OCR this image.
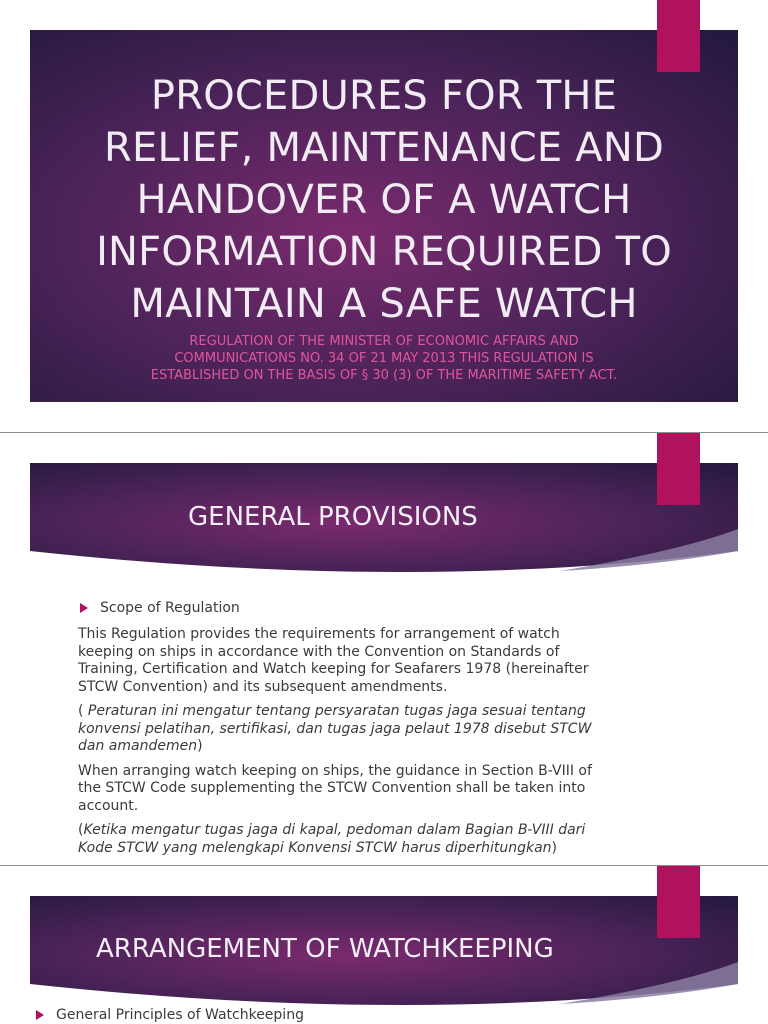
PROCEDURES FOR THE
RELIEF, MAINTENANCE AND
HANDOVER OF A WATCH
INFORMATION REQUIRED TO
MAINTAIN A SAFE WATCH
REGULATION OF THE MINISTER OF ECONOMIC AFFAIRS AND
COMMUNICATIONS NO. 34 OF 21 MAY 2013 THIS REGULATION IS
ESTABLISHED ON THE BASIS OF § 30 (3) OF THE MARITIME SAFETY ACT.
GENERAL PROVISIONS
Scope of Regulation
This Regulation provides the requirements for arrangement of watch
keeping on ships in accordance with the Convention on Standards of
Training, Certification and Watch keeping for Seafarers 1978 (hereinafter
STCW Convention) and its subsequent amendments.
( Peraturan ini mengatur tentang persyaratan tugas jaga sesuai tentang
konvensi pelatihan, sertifikasi, dan tugas jaga pelaut 1978 disebut STCW
dan amandemen)
When arranging watch keeping on ships, the guidance in Section B-VIII of
the STCW Code supplementing the STCW Convention shall be taken into
account.
(Ketika mengatur tugas jaga di kapal, pedoman dalam Bagian B-VIII dari
Kode STCW yang melengkapi Konvensi STCW harus diperhitungkan)
ARRANGEMENT OF WATCHKEEPING
General Principles of Watchkeeping
